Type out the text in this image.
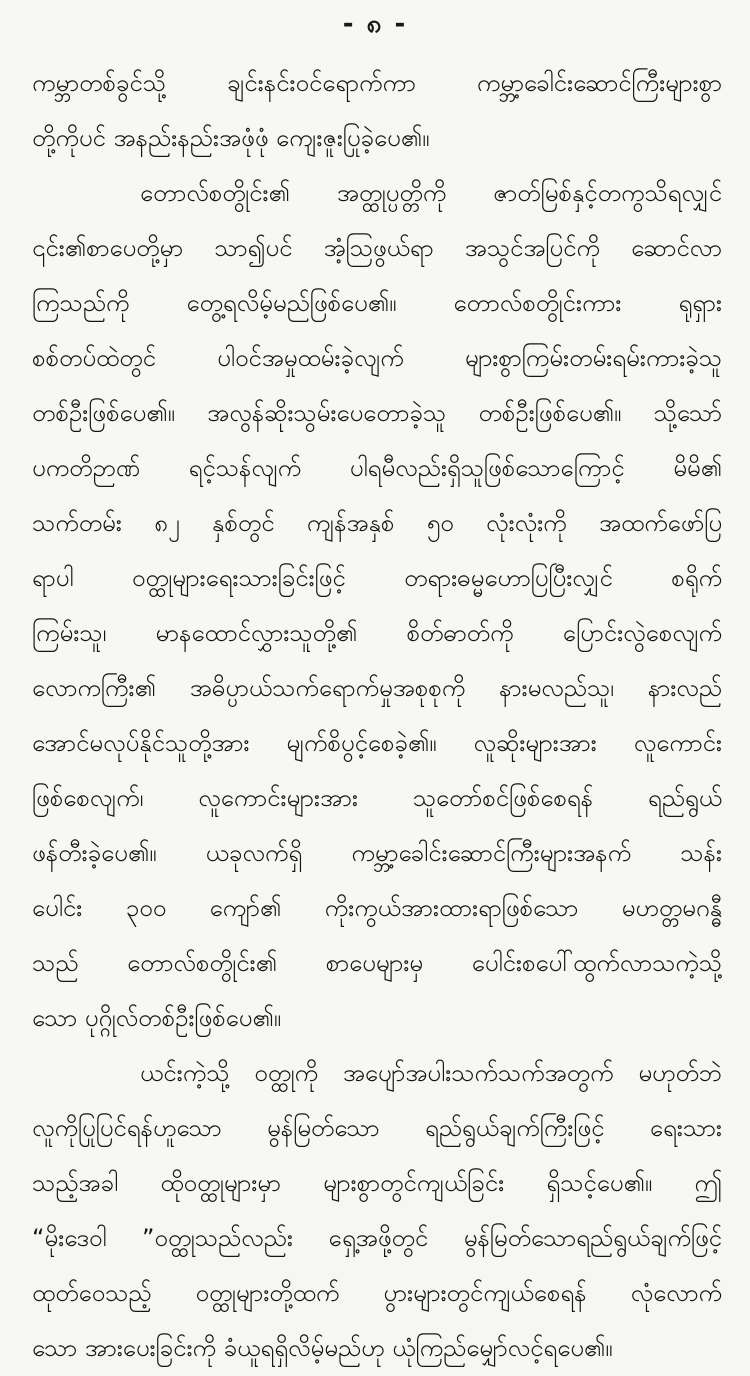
- ၈ -
ကမ္ဘာတစ်ခွင်သို့ ချင်းနင်းဝင်ရောက်ကာ ကမ္ဘာ့ခေါင်းဆောင်ကြီးများစွာ
တို့ကိုပင် အနည်းနည်းအဖုံဖုံ ကျေးဇူးပြုခဲ့ပေ၏။
တောလ်စတွိုင်း၏ အတ္ထုပ္ပတ္တိကို ဇာတ်မြစ်နှင့်တကွသိရလျှင်
၎င်း၏စာပေတို့မှာ သာ၍ပင် အံ့သြဖွယ်ရာ အသွင်အပြင်ကို ဆောင်လာ
ကြသည်ကို တွေ့ရလိမ့်မည်ဖြစ်ပေ၏။ တောလ်စတွိုင်းကား ရုရှား
စစ်တပ်ထဲတွင် ပါဝင်အမှုထမ်းခဲ့လျက် များစွာကြမ်းတမ်းရမ်းကားခဲ့သူ
တစ်ဦးဖြစ်ပေ၏။ အလွန်ဆိုးသွမ်းပေတောခဲ့သူ တစ်ဦးဖြစ်ပေ၏။ သို့သော်
ပကတိဉာဏ် ရင့်သန်လျက် ပါရမီလည်းရှိသူဖြစ်သောကြောင့် မိမိ၏
သက်တမ်း ၈၂ နှစ်တွင် ကျန်အနှစ် ၅၀ လုံးလုံးကို အထက်ဖော်ပြ
ရာပါ ဝတ္ထုများရေးသားခြင်းဖြင့် တရားဓမ္မဟောပြပြီးလျှင် စရိုက်
ကြမ်းသူ၊ မာနထောင်လွှားသူတို့၏ စိတ်ဓာတ်ကို ပြောင်းလွဲစေလျက်
လောကကြီး၏ အဓိပ္ပာယ်သက်ရောက်မှုအစုစုကို နားမလည်သူ၊ နားလည်
အောင်မလုပ်နိုင်သူတို့အား မျက်စိပွင့်စေခဲ့၏။ လူဆိုးများအား လူကောင်း
ဖြစ်စေလျက်၊ လူကောင်းများအား သူတော်စင်ဖြစ်စေရန် ရည်ရွယ်
ဖန်တီးခဲ့ပေ၏။ ယခုလက်ရှိ ကမ္ဘာ့ခေါင်းဆောင်ကြီးများအနက် သန်း
ပေါင်း ၃၀၀ ကျော်၏ ကိုးကွယ်အားထားရာဖြစ်သော မဟတ္တမဂန္ဓီ
သည် တောလ်စတွိုင်း၏ စာပေများမှ ပေါင်းစပေါ်ထွက်လာသကဲ့သို့
သော ပုဂ္ဂိုလ်တစ်ဦးဖြစ်ပေ၏။
ယင်းကဲ့သို့ ဝတ္ထုကို အပျော်အပါးသက်သက်အတွက် မဟုတ်ဘဲ
လူကိုပြုပြင်ရန်ဟူသော မွန်မြတ်သော ရည်ရွယ်ချက်ကြီးဖြင့် ရေးသား
သည့်အခါ ထိုဝတ္ထုများမှာ များစွာတွင်ကျယ်ခြင်း ရှိသင့်ပေ၏။ ဤ
“မိုးဒေဝါ ”ဝတ္ထုသည်လည်း ရှေ့အဖို့တွင် မွန်မြတ်သောရည်ရွယ်ချက်ဖြင့်
ထုတ်ဝေသည့် ဝတ္ထုများတို့ထက် ပွားများတွင်ကျယ်စေရန် လုံလောက်
သော အားပေးခြင်းကို ခံယူရရှိလိမ့်မည်ဟု ယုံကြည်မျှော်လင့်ရပေ၏။
